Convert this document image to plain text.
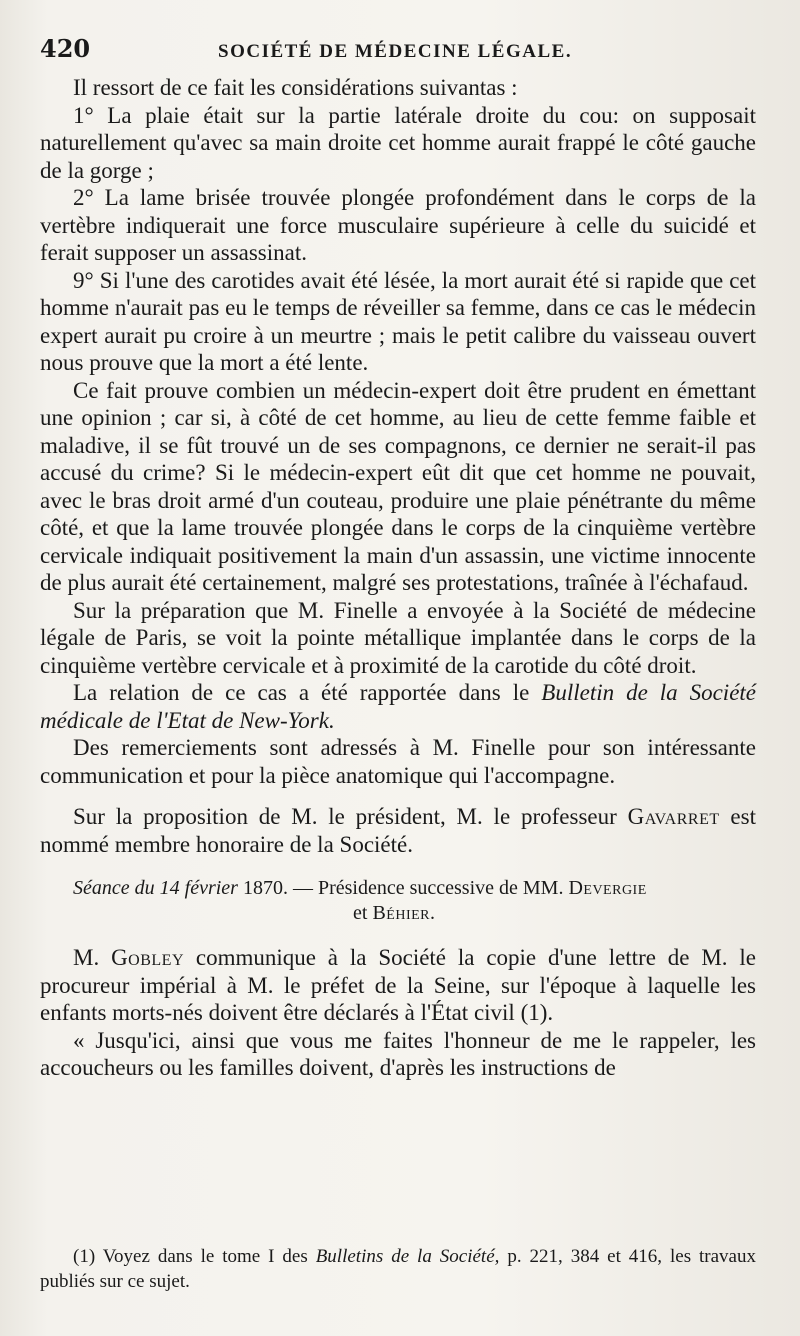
420	SOCIÉTÉ DE MÉDECINE LÉGALE.

Il ressort de ce fait les considérations suivantas :

1° La plaie était sur la partie latérale droite du cou: on supposait naturellement qu'avec sa main droite cet homme aurait frappé le côté gauche de la gorge ;

2° La lame brisée trouvée plongée profondément dans le corps de la vertèbre indiquerait une force musculaire supérieure à celle du suicidé et ferait supposer un assassinat.

9° Si l'une des carotides avait été lésée, la mort aurait été si rapide que cet homme n'aurait pas eu le temps de réveiller sa femme, dans ce cas le médecin expert aurait pu croire à un meurtre ; mais le petit calibre du vaisseau ouvert nous prouve que la mort a été lente.

Ce fait prouve combien un médecin-expert doit être prudent en émettant une opinion ; car si, à côté de cet homme, au lieu de cette femme faible et maladive, il se fût trouvé un de ses compagnons, ce dernier ne serait-il pas accusé du crime? Si le médecin-expert eût dit que cet homme ne pouvait, avec le bras droit armé d'un couteau, produire une plaie pénétrante du même côté, et que la lame trouvée plongée dans le corps de la cinquième vertèbre cervicale indiquait positivement la main d'un assassin, une victime innocente de plus aurait été certainement, malgré ses protestations, traînée à l'échafaud.

Sur la préparation que M. Finelle a envoyée à la Société de médecine légale de Paris, se voit la pointe métallique implantée dans le corps de la cinquième vertèbre cervicale et à proximité de la carotide du côté droit.

La relation de ce cas a été rapportée dans le Bulletin de la Société médicale de l'Etat de New-York.

Des remerciements sont adressés à M. Finelle pour son intéressante communication et pour la pièce anatomique qui l'accompagne.

Sur la proposition de M. le président, M. le professeur Gavarret est nommé membre honoraire de la Société.

Séance du 14 février 1870. — Présidence successive de MM. Devergie
et Béhier.

M. Gobley communique à la Société la copie d'une lettre de M. le procureur impérial à M. le préfet de la Seine, sur l'époque à laquelle les enfants morts-nés doivent être déclarés à l'État civil (1).

« Jusqu'ici, ainsi que vous me faites l'honneur de me le rappeler, les accoucheurs ou les familles doivent, d'après les instructions de

(1) Voyez dans le tome I des Bulletins de la Société, p. 221, 384 et 416, les travaux publiés sur ce sujet.
